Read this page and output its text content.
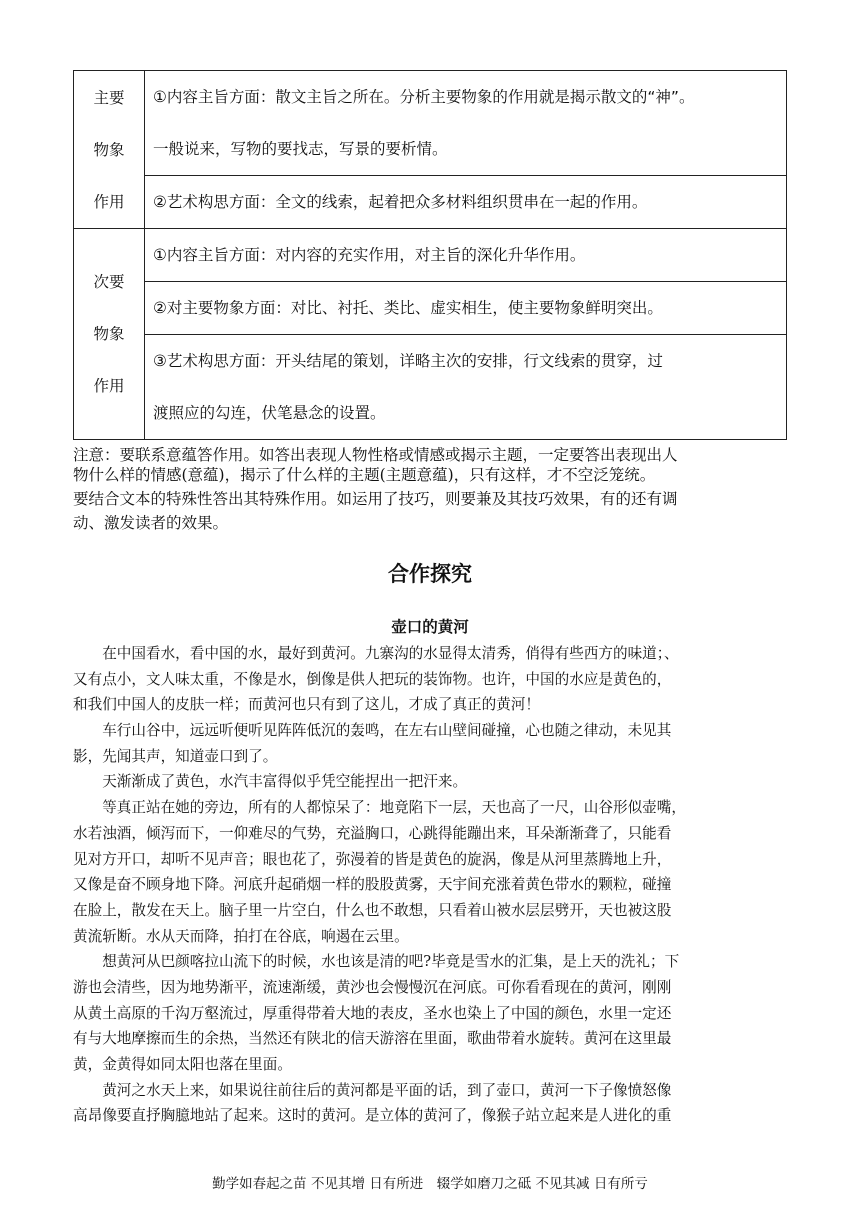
主要
物象
作用	①内容主旨方面：散文主旨之所在。分析主要物象的作用就是揭示散文的“神”。
一般说来，写物的要找志，写景的要析情。

	②艺术构思方面：全文的线索，起着把众多材料组织贯串在一起的作用。

次要
物象
作用	①内容主旨方面：对内容的充实作用，对主旨的深化升华作用。

	②对主要物象方面：对比、衬托、类比、虚实相生，使主要物象鲜明突出。

	③艺术构思方面：开头结尾的策划，详略主次的安排，行文线索的贯穿，过
渡照应的勾连，伏笔悬念的设置。
注意：要联系意蕴答作用。如答出表现人物性格或情感或揭示主题，一定要答出表现出人
物什么样的情感(意蕴)，揭示了什么样的主题(主题意蕴)，只有这样，才不空泛笼统。
要结合文本的特殊性答出其特殊作用。如运用了技巧，则要兼及其技巧效果，有的还有调
动、激发读者的效果。
合作探究
壶口的黄河
　　在中国看水，看中国的水，最好到黄河。九寨沟的水显得太清秀，俏得有些西方的味道；、
又有点小，文人味太重，不像是水，倒像是供人把玩的装饰物。也许，中国的水应是黄色的，
和我们中国人的皮肤一样；而黄河也只有到了这儿，才成了真正的黄河！
　　车行山谷中，远远听便听见阵阵低沉的轰鸣，在左右山壁间碰撞，心也随之律动，未见其
影，先闻其声，知道壶口到了。
　　天渐渐成了黄色，水汽丰富得似乎凭空能捏出一把汗来。
　　等真正站在她的旁边，所有的人都惊呆了：地竟陷下一层，天也高了一尺，山谷形似壶嘴，
水若浊酒，倾泻而下，一仰难尽的气势，充溢胸口，心跳得能蹦出来，耳朵渐渐聋了，只能看
见对方开口，却听不见声音；眼也花了，弥漫着的皆是黄色的旋涡，像是从河里蒸腾地上升，
又像是奋不顾身地下降。河底升起硝烟一样的股股黄雾，天宇间充涨着黄色带水的颗粒，碰撞
在脸上，散发在天上。脑子里一片空白，什么也不敢想，只看着山被水层层劈开，天也被这股
黄流斩断。水从天而降，拍打在谷底，响遏在云里。
　　想黄河从巴颜喀拉山流下的时候，水也该是清的吧?毕竟是雪水的汇集，是上天的洗礼；下
游也会清些，因为地势渐平，流速渐缓，黄沙也会慢慢沉在河底。可你看看现在的黄河，刚刚
从黄土高原的千沟万壑流过，厚重得带着大地的表皮，圣水也染上了中国的颜色，水里一定还
有与大地摩擦而生的余热，当然还有陕北的信天游溶在里面，歌曲带着水旋转。黄河在这里最
黄，金黄得如同太阳也落在里面。
　　黄河之水天上来，如果说往前往后的黄河都是平面的话，到了壶口，黄河一下子像愤怒像
高昂像要直抒胸臆地站了起来。这时的黄河。是立体的黄河了，像猴子站立起来是人进化的重
勤学如春起之苗 不见其增 日有所进　辍学如磨刀之砥 不见其减 日有所亏
